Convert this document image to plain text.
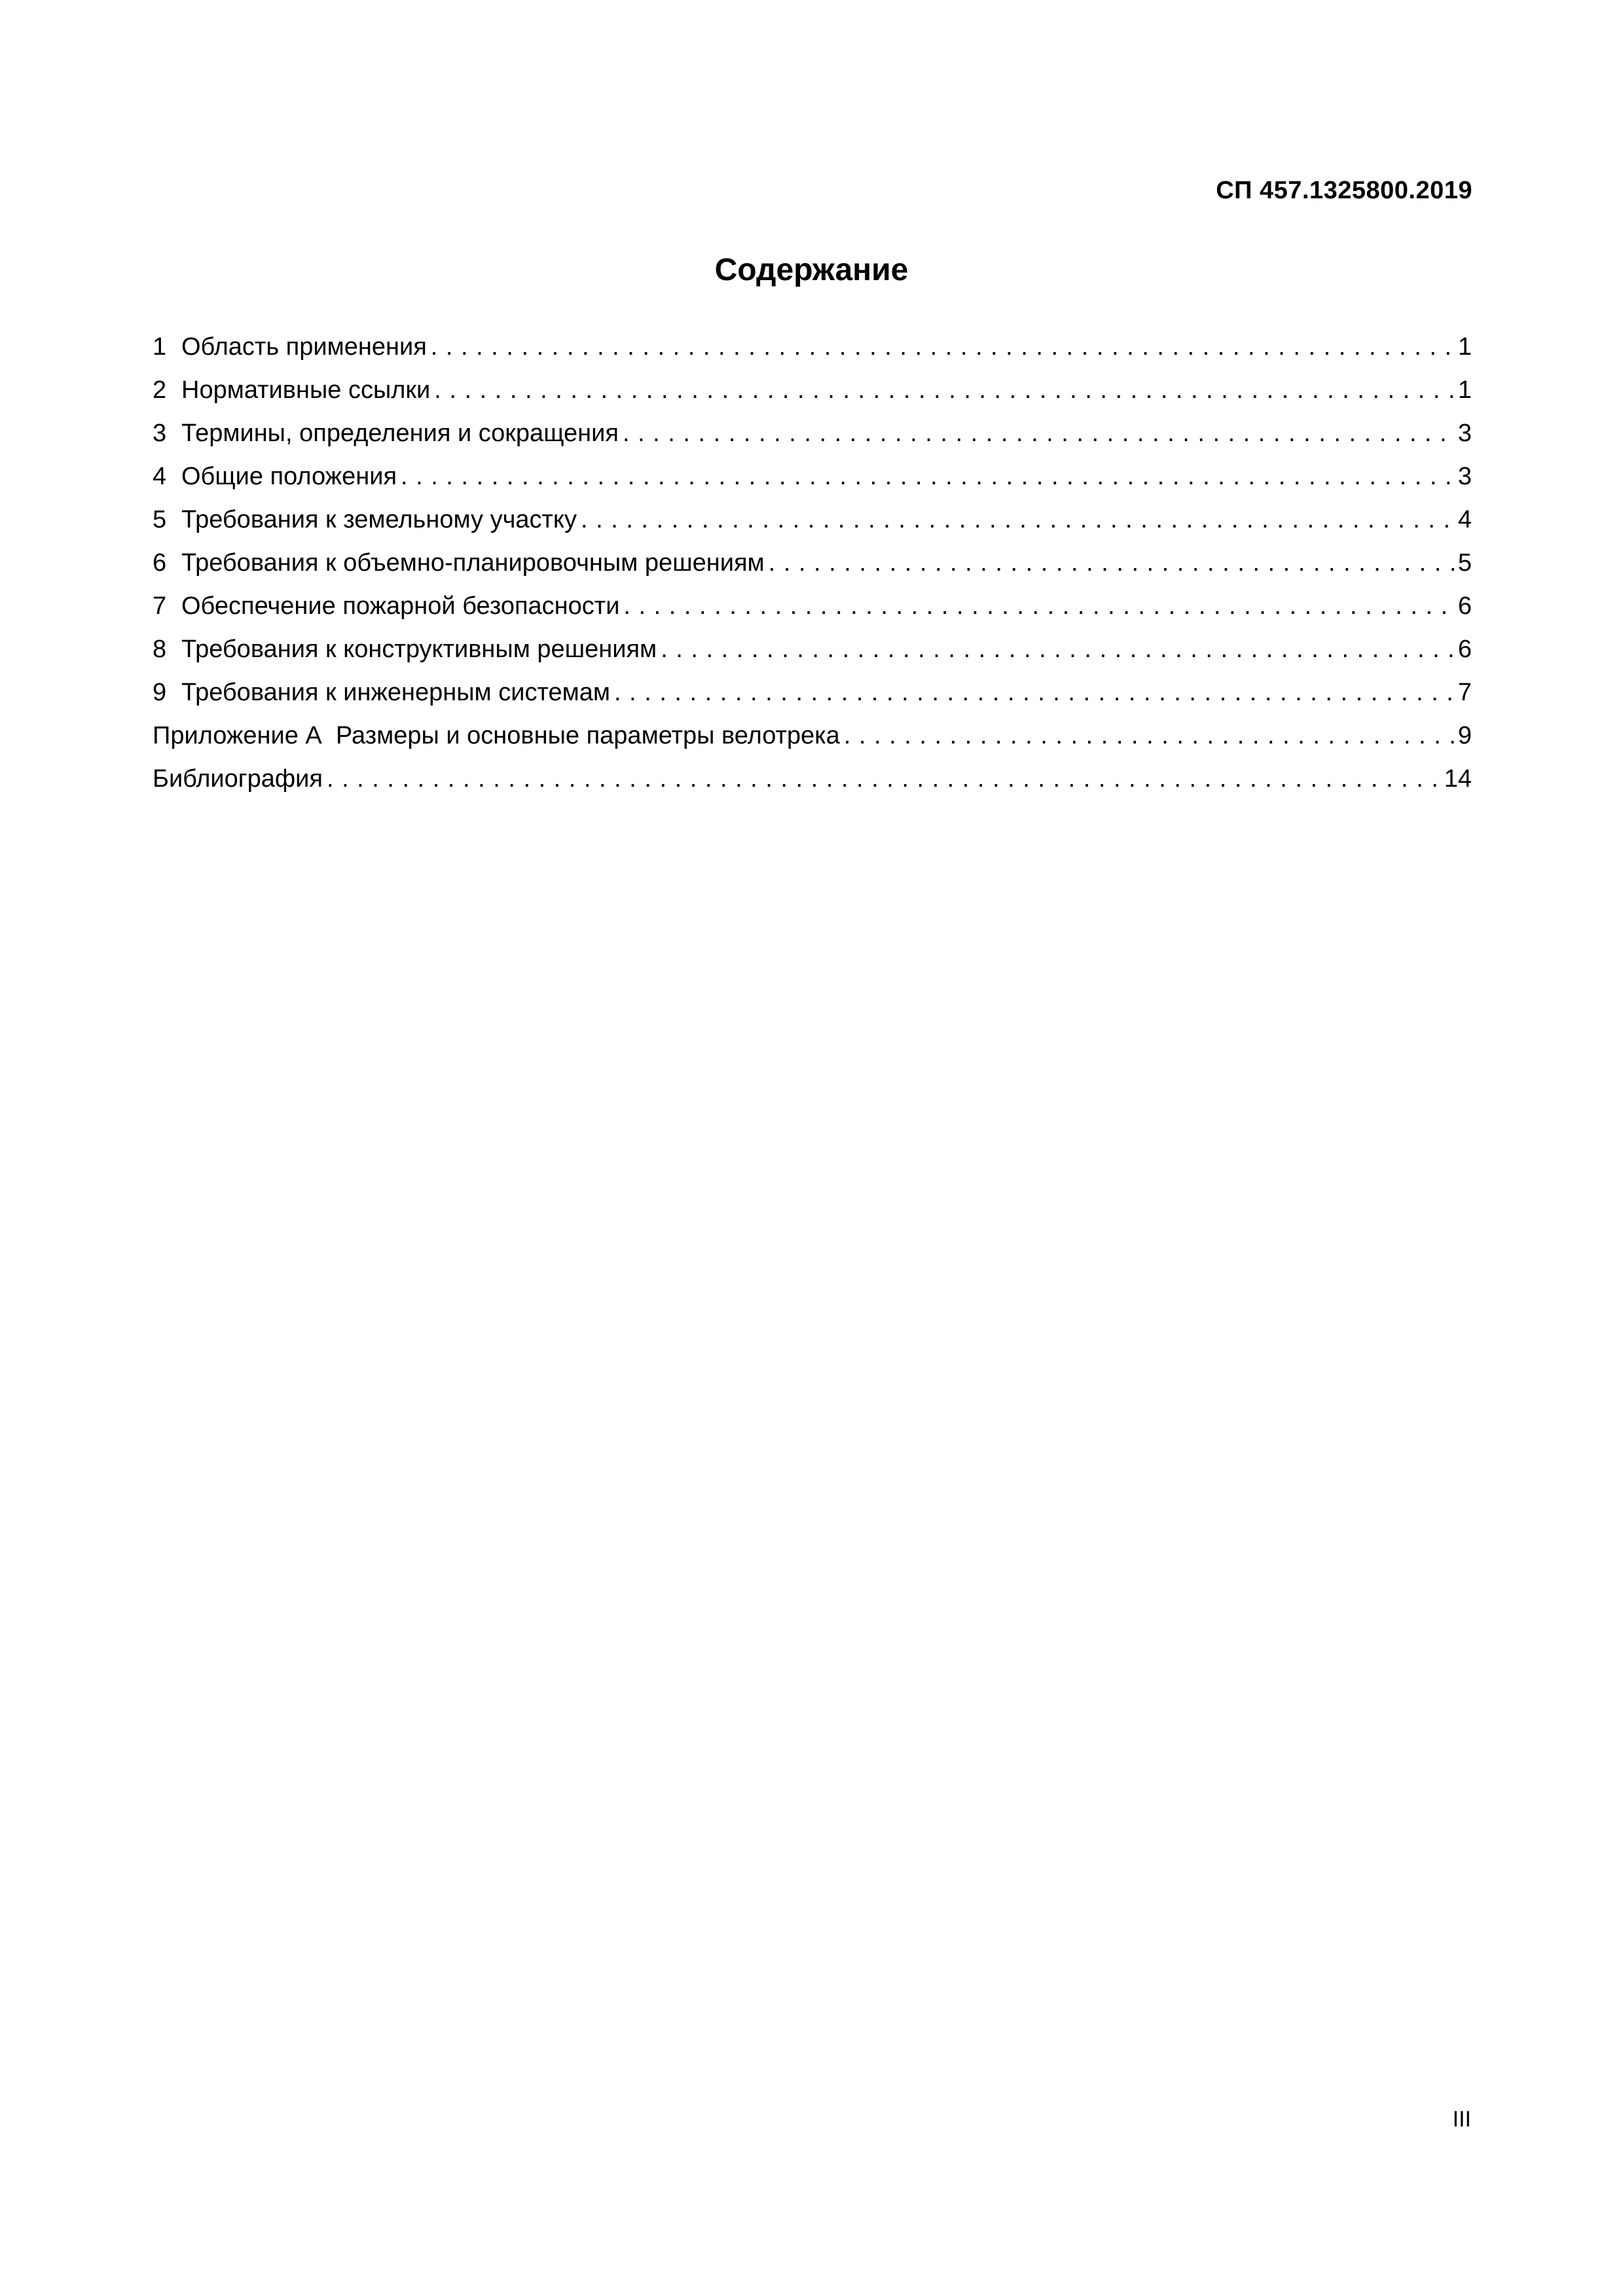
СП 457.1325800.2019
Содержание
1 Область применения . . .	1
2 Нормативные ссылки . . .	1
3 Термины, определения и сокращения . . .	3
4 Общие положения . . .	3
5 Требования к земельному участку . . .	4
6 Требования к объемно-планировочным решениям . . .	5
7 Обеспечение пожарной безопасности . . .	6
8 Требования к конструктивным решениям . . .	6
9 Требования к инженерным системам . . .	7
Приложение А  Размеры и основные параметры велотрека . . .	9
Библиография . . .	14
III
